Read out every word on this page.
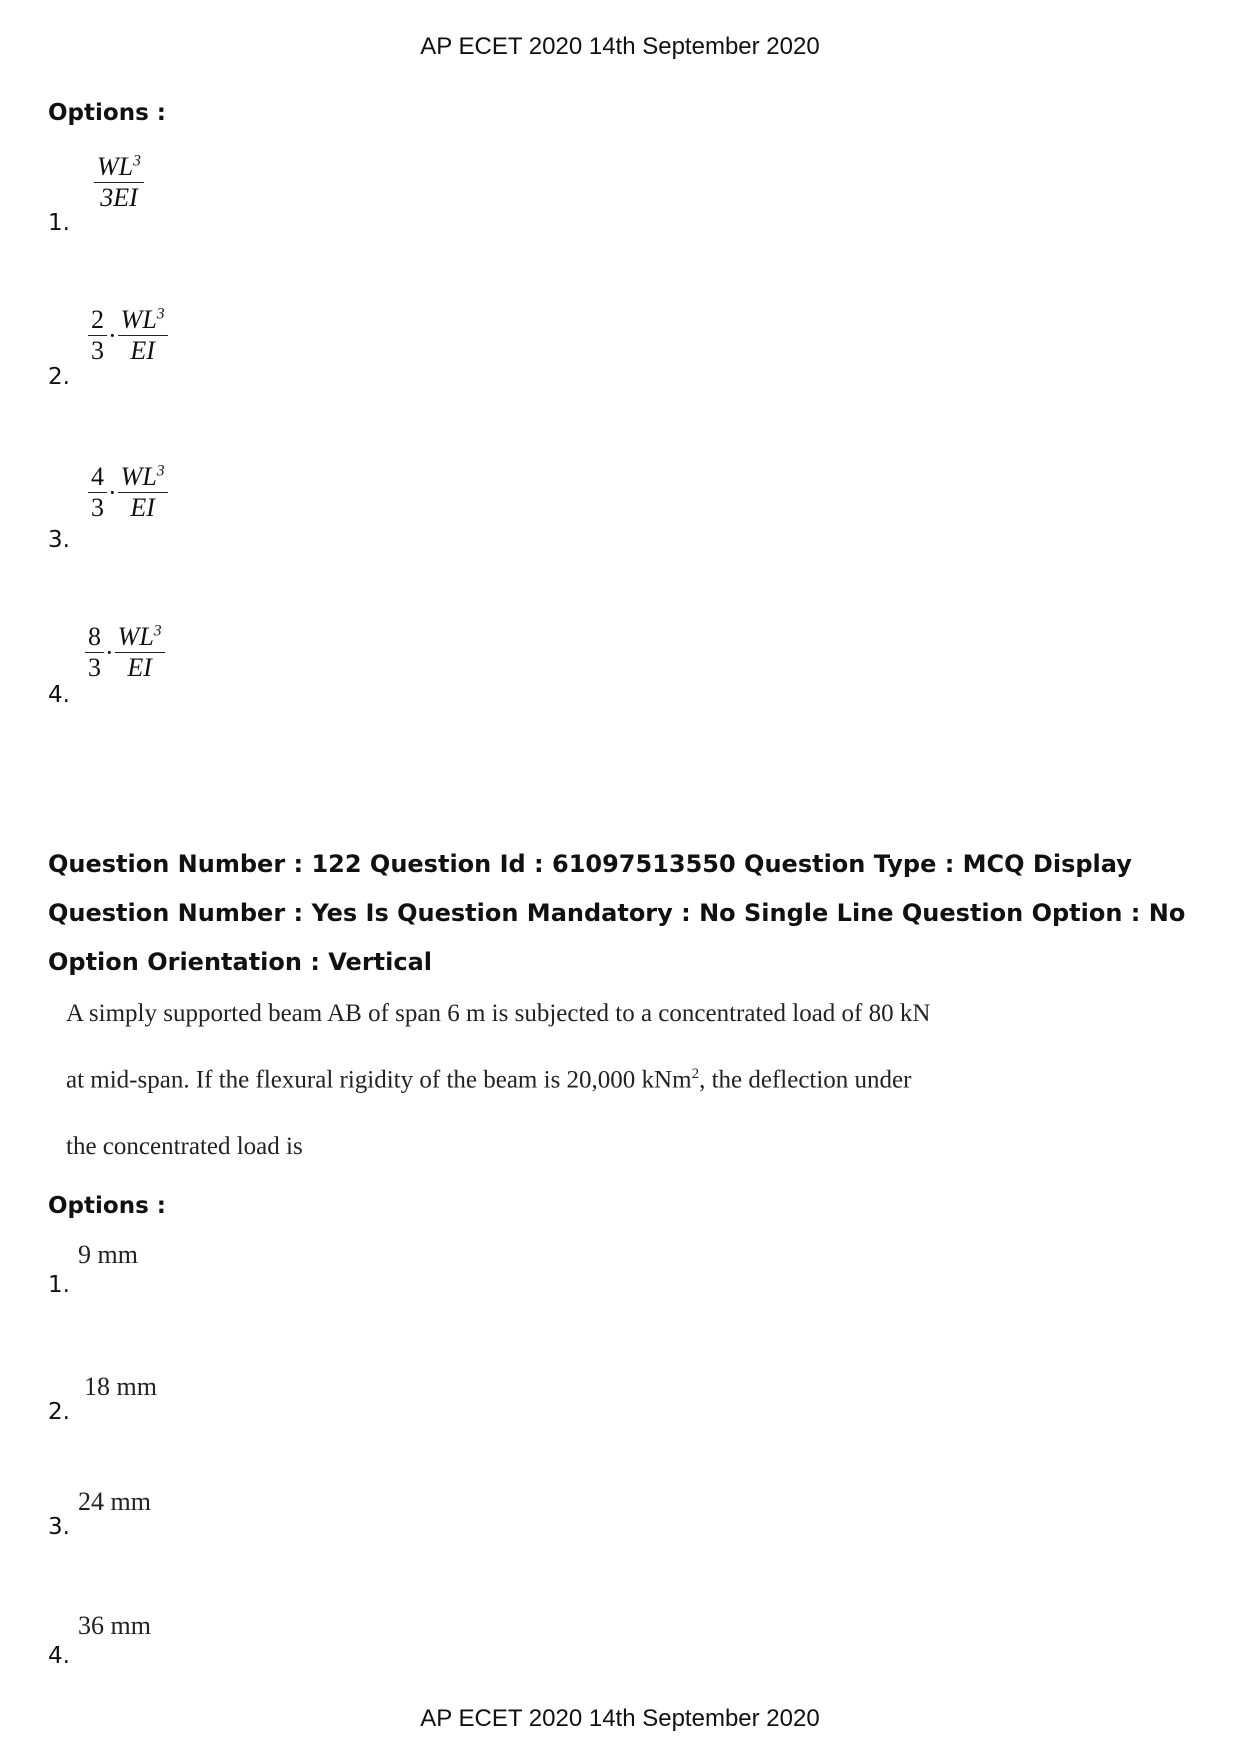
AP ECET 2020 14th September 2020
Options :
1.
$\frac{WL^3}{3EI}$
2.
$\frac{2}{3} \cdot \frac{WL^3}{EI}$
3.
$\frac{4}{3} \cdot \frac{WL^3}{EI}$
4.
$\frac{8}{3} \cdot \frac{WL^3}{EI}$
Question Number : 122 Question Id : 61097513550 Question Type : MCQ Display Question Number : Yes Is Question Mandatory : No Single Line Question Option : No Option Orientation : Vertical
A simply supported beam AB of span 6 m is subjected to a concentrated load of 80 kN
at mid-span. If the flexural rigidity of the beam is 20,000 kNm$^2$, the deflection under
the concentrated load is
Options :
1.
9 mm
2.
18 mm
3.
24 mm
4.
36 mm
AP ECET 2020 14th September 2020
